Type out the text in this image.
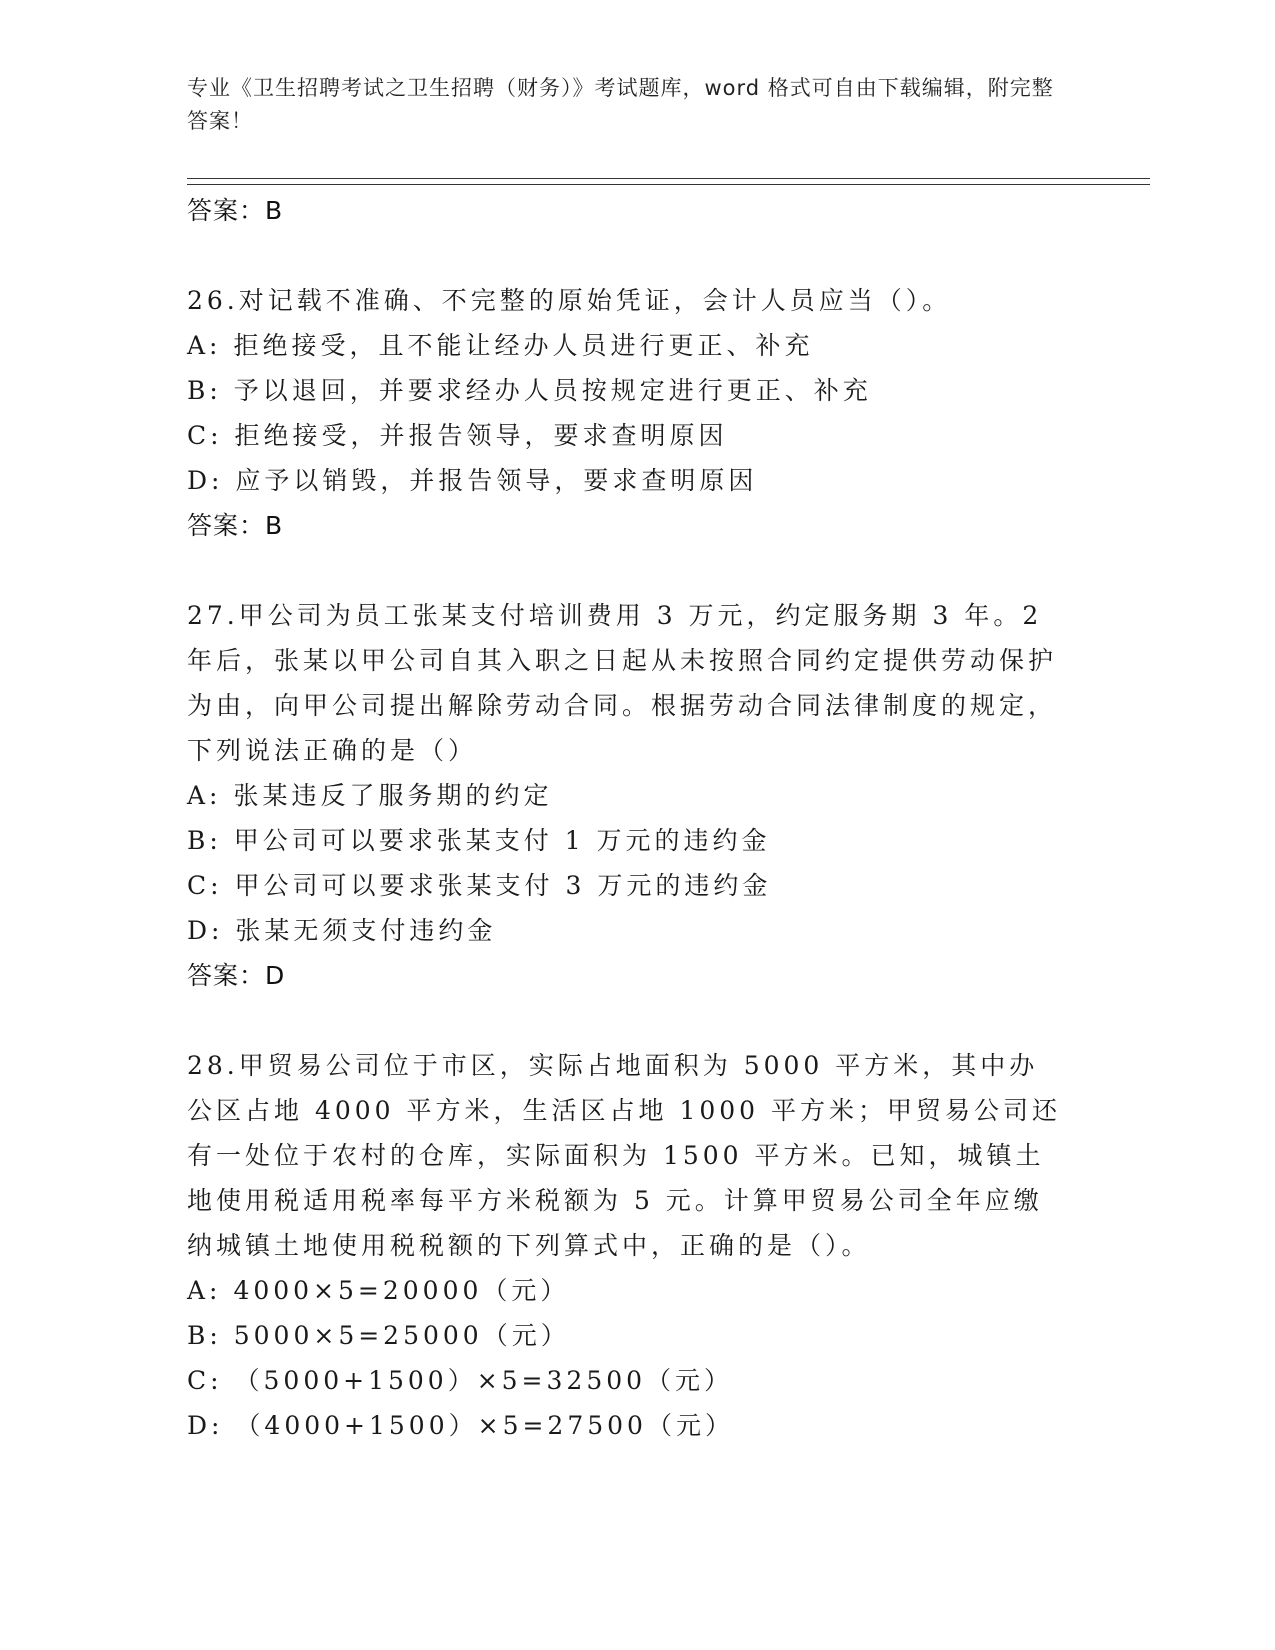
专业《卫生招聘考试之卫生招聘（财务）》考试题库，word 格式可自由下载编辑，附完整答案！
答案：B

26.对记载不准确、不完整的原始凭证，会计人员应当（）。

A: 拒绝接受，且不能让经办人员进行更正、补充

B: 予以退回，并要求经办人员按规定进行更正、补充

C: 拒绝接受，并报告领导，要求查明原因

D: 应予以销毁，并报告领导，要求查明原因

答案：B

27.甲公司为员工张某支付培训费用 3 万元，约定服务期 3 年。2 年后，张某以甲公司自其入职之日起从未按照合同约定提供劳动保护为由，向甲公司提出解除劳动合同。根据劳动合同法律制度的规定，下列说法正确的是（）

A: 张某违反了服务期的约定

B: 甲公司可以要求张某支付 1 万元的违约金

C: 甲公司可以要求张某支付 3 万元的违约金

D: 张某无须支付违约金

答案：D

28.甲贸易公司位于市区，实际占地面积为 5000 平方米，其中办公区占地 4000 平方米，生活区占地 1000 平方米；甲贸易公司还有一处位于农村的仓库，实际面积为 1500 平方米。已知，城镇土地使用税适用税率每平方米税额为 5 元。计算甲贸易公司全年应缴纳城镇土地使用税税额的下列算式中，正确的是（）。

A: 4000×5=20000（元）

B: 5000×5=25000（元）

C: （5000+1500）×5=32500（元）

D: （4000+1500）×5=27500（元）
